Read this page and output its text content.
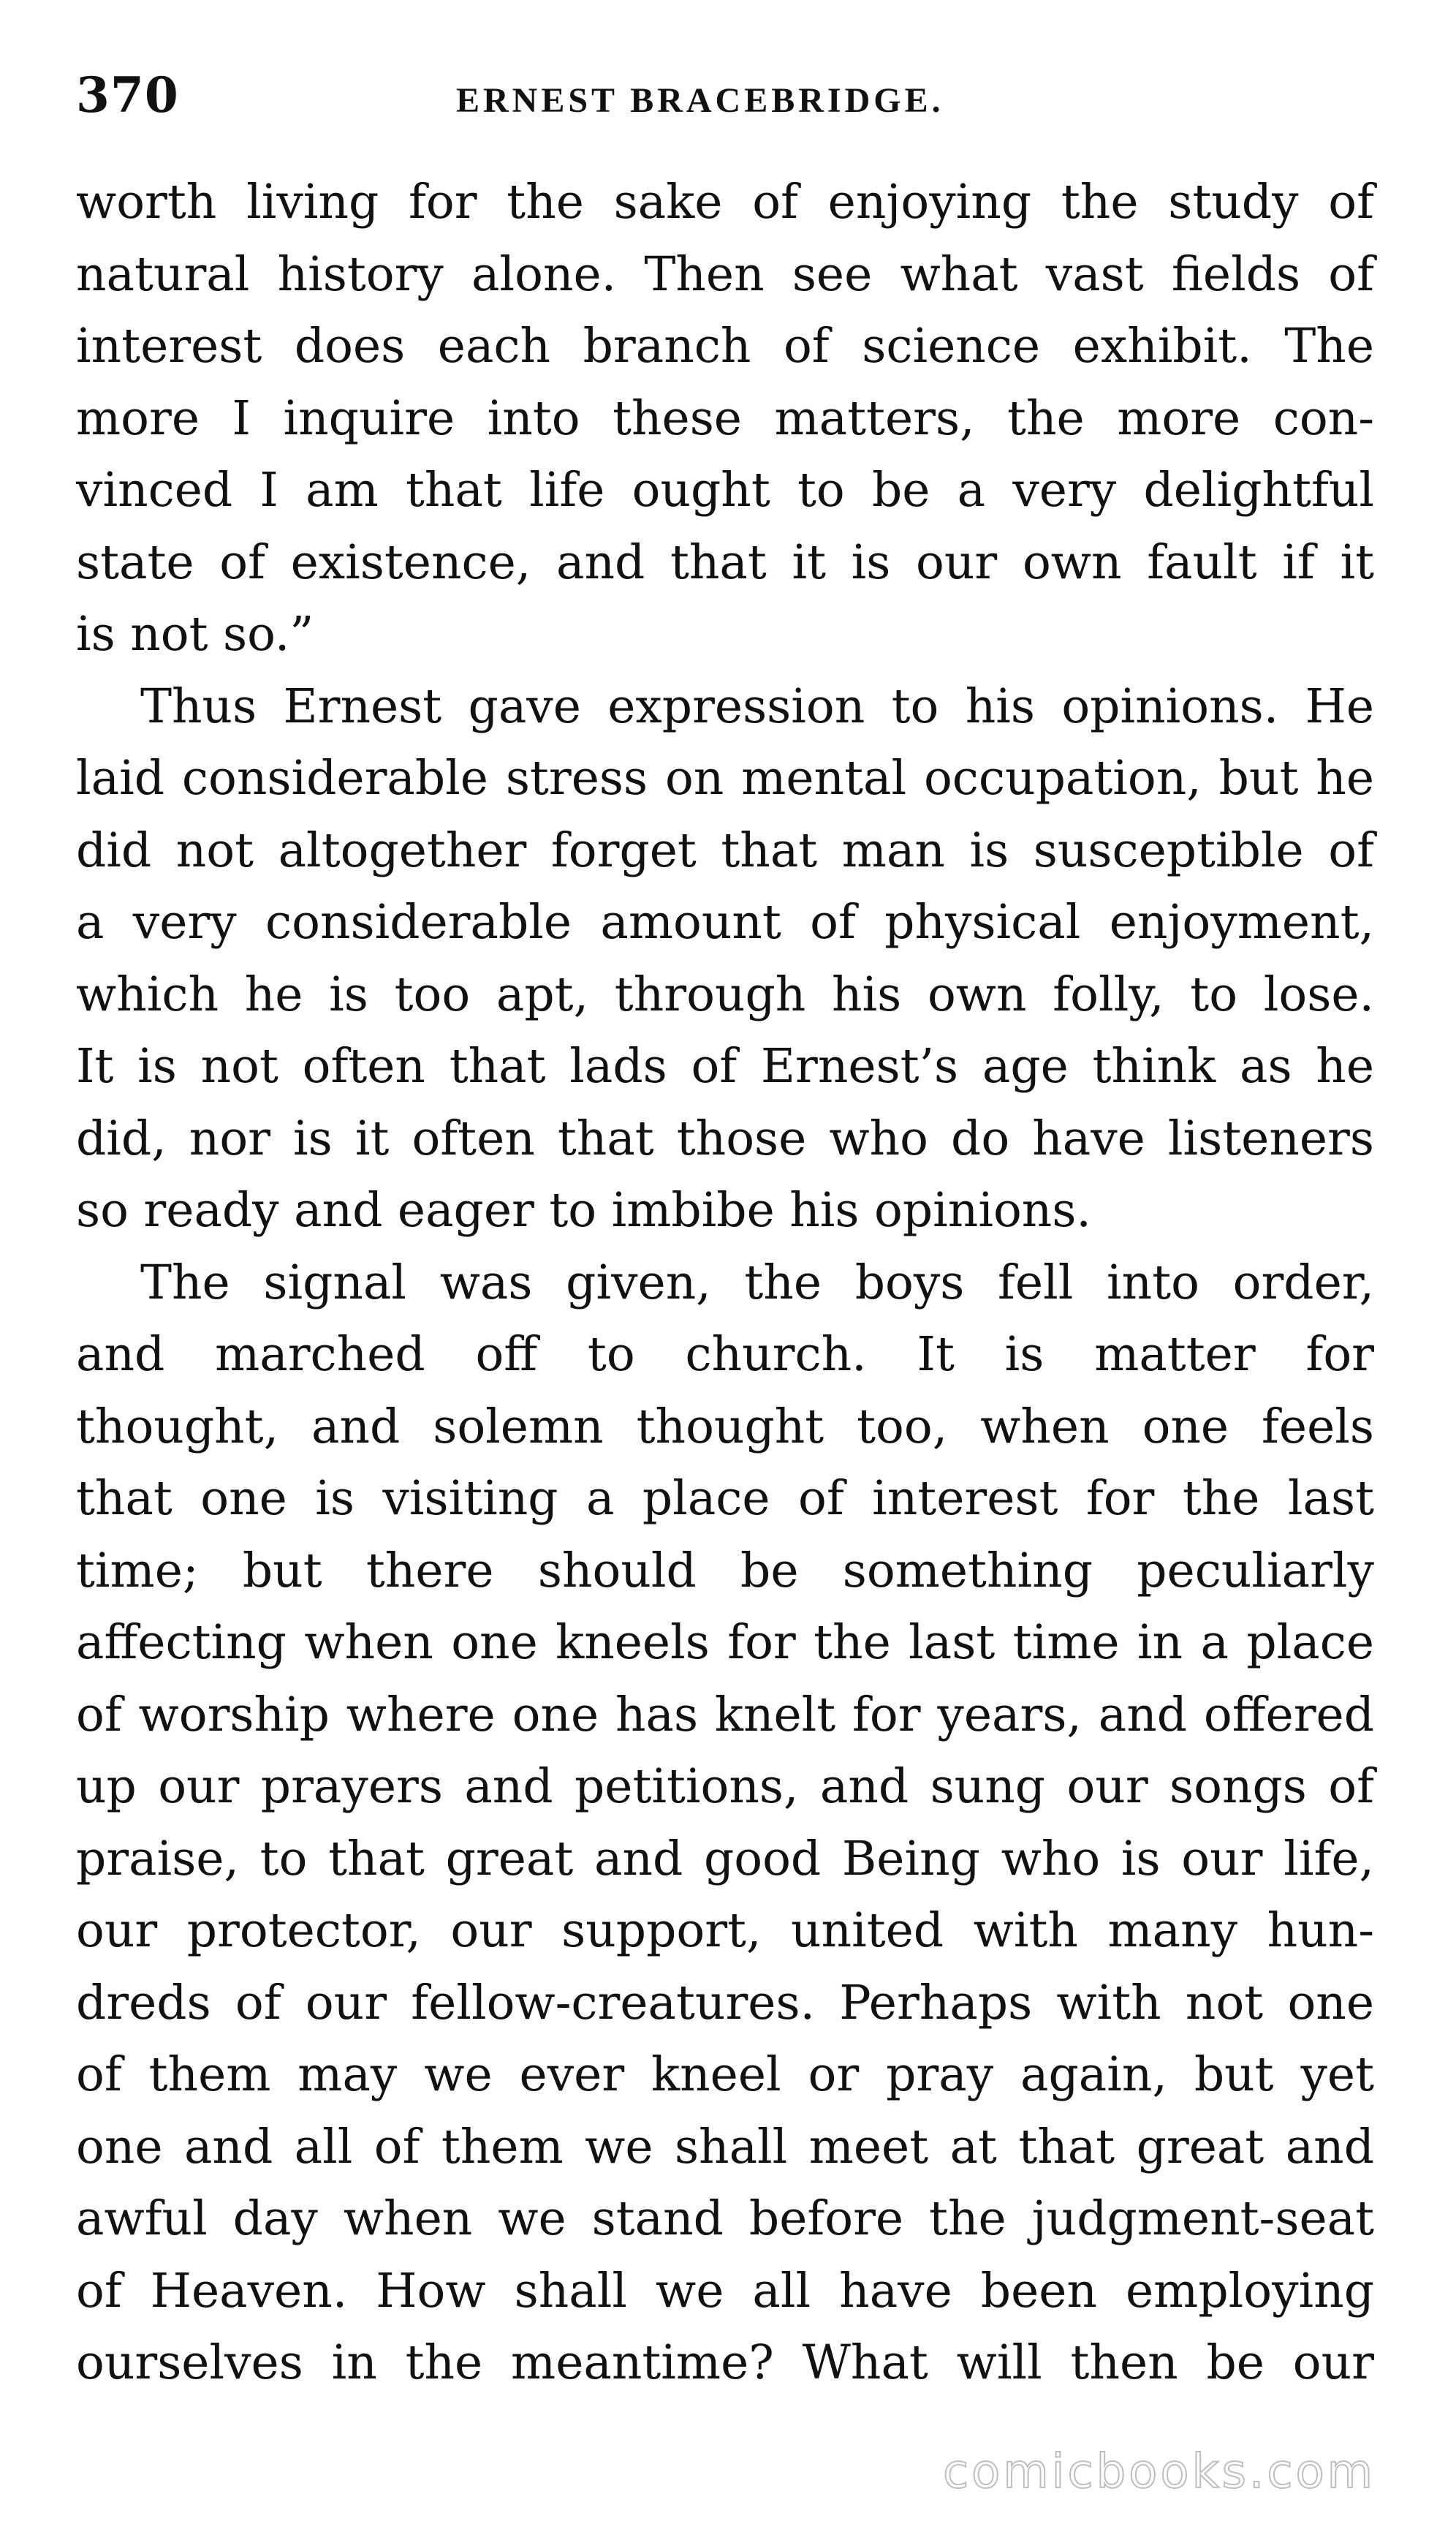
370	ERNEST BRACEBRIDGE.
worth living for the sake of enjoying the study of
natural history alone. Then see what vast fields of
interest does each branch of science exhibit. The
more I inquire into these matters, the more con-
vinced I am that life ought to be a very delightful
state of existence, and that it is our own fault if it
is not so.”
Thus Ernest gave expression to his opinions. He
laid considerable stress on mental occupation, but he
did not altogether forget that man is susceptible of
a very considerable amount of physical enjoyment,
which he is too apt, through his own folly, to lose.
It is not often that lads of Ernest’s age think as he
did, nor is it often that those who do have listeners
so ready and eager to imbibe his opinions.
The signal was given, the boys fell into order,
and marched off to church. It is matter for
thought, and solemn thought too, when one feels
that one is visiting a place of interest for the last
time; but there should be something peculiarly
affecting when one kneels for the last time in a place
of worship where one has knelt for years, and offered
up our prayers and petitions, and sung our songs of
praise, to that great and good Being who is our life,
our protector, our support, united with many hun-
dreds of our fellow-creatures. Perhaps with not one
of them may we ever kneel or pray again, but yet
one and all of them we shall meet at that great and
awful day when we stand before the judgment-seat
of Heaven. How shall we all have been employing
ourselves in the meantime? What will then be our
comicbooks.com
